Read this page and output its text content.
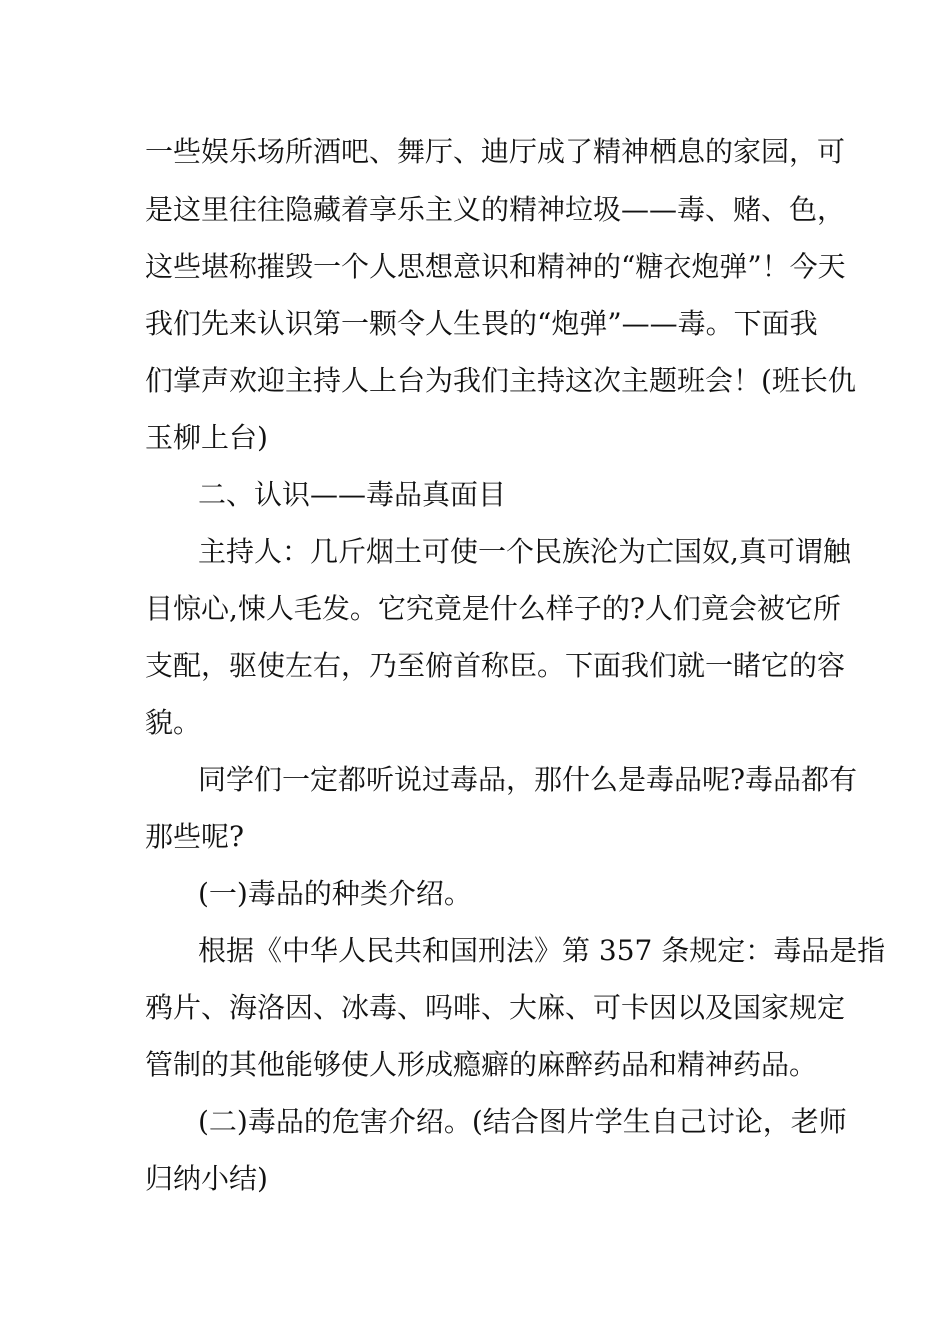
一些娱乐场所酒吧、舞厅、迪厅成了精神栖息的家园，可
是这里往往隐藏着享乐主义的精神垃圾——毒、赌、色，
这些堪称摧毁一个人思想意识和精神的“糖衣炮弹”！今天
我们先来认识第一颗令人生畏的“炮弹”——毒。下面我
们掌声欢迎主持人上台为我们主持这次主题班会！(班长仇
玉柳上台)
二、认识——毒品真面目
主持人：几斤烟土可使一个民族沦为亡国奴,真可谓触
目惊心,悚人毛发。它究竟是什么样子的?人们竟会被它所
支配，驱使左右，乃至俯首称臣。下面我们就一睹它的容
貌。
同学们一定都听说过毒品，那什么是毒品呢?毒品都有
那些呢?
(一)毒品的种类介绍。
根据《中华人民共和国刑法》第 357 条规定：毒品是指
鸦片、海洛因、冰毒、吗啡、大麻、可卡因以及国家规定
管制的其他能够使人形成瘾癖的麻醉药品和精神药品。
(二)毒品的危害介绍。(结合图片学生自己讨论，老师
归纳小结)
